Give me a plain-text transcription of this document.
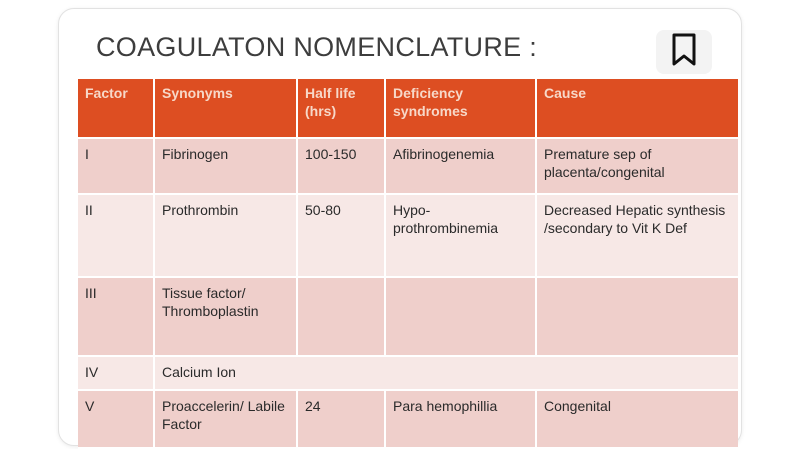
COAGULATON NOMENCLATURE :
Factor	Synonyms	Half life (hrs)	Deficiency syndromes	Cause
I	Fibrinogen	100-150	Afibrinogenemia	Premature sep of placenta/congenital
II	Prothrombin	50-80	Hypo-prothrombinemia	Decreased Hepatic synthesis /secondary to Vit K Def
III	Tissue factor/ Thromboplastin			
IV	Calcium Ion			
V	Proaccelerin/ Labile Factor	24	Para hemophillia	Congenital
